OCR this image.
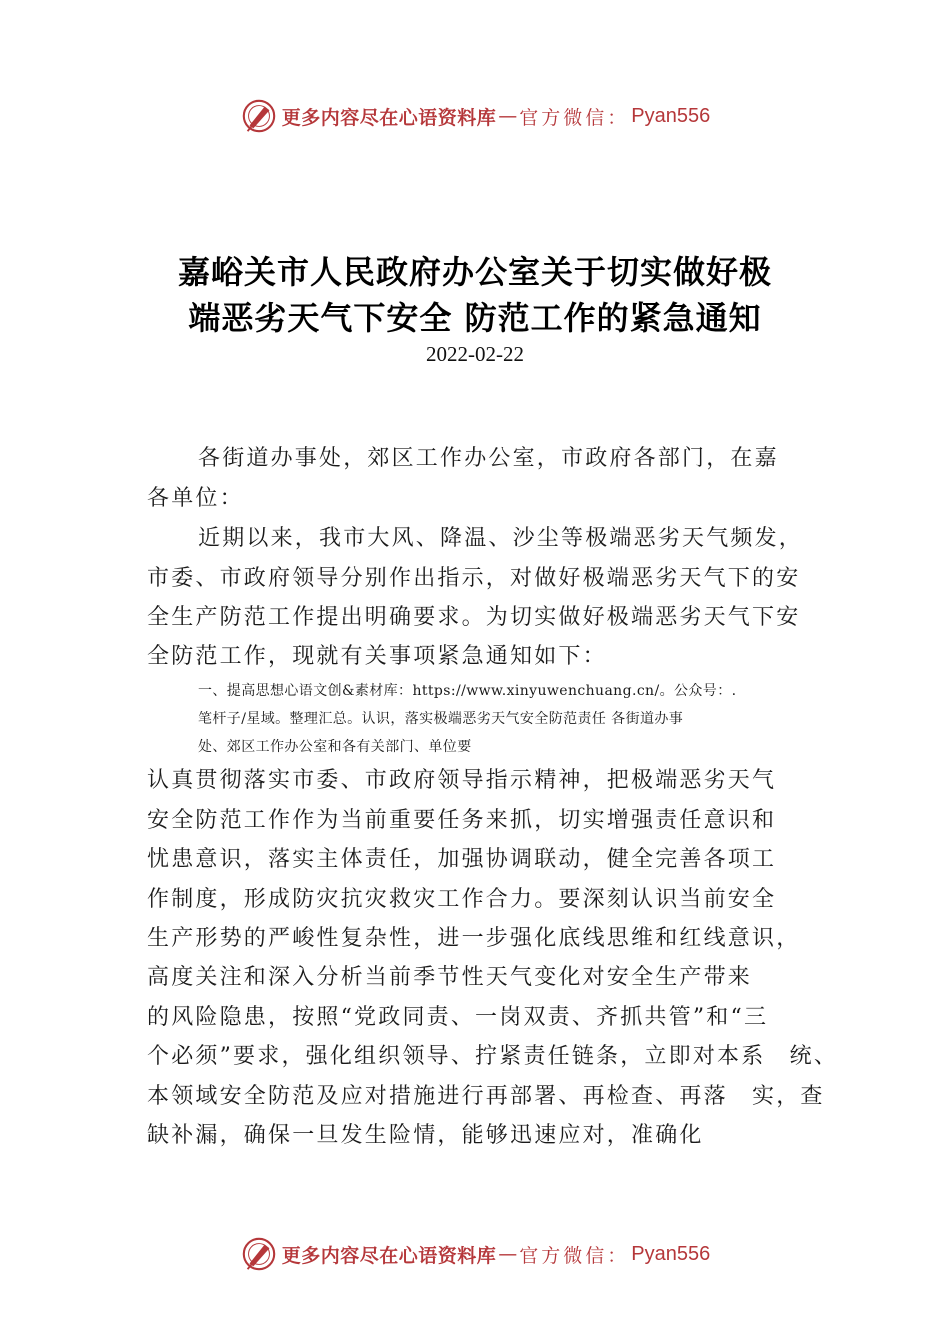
更多内容尽在心语资料库 — 官方微信： Pyan556
嘉峪关市人民政府办公室关于切实做好极
端恶劣天气下安全 防范工作的紧急通知
2022-02-22
各街道办事处，郊区工作办公室，市政府各部门，在嘉
各单位：
近期以来，我市大风、降温、沙尘等极端恶劣天气频发，
市委、市政府领导分别作出指示，对做好极端恶劣天气下的安
全生产防范工作提出明确要求。为切实做好极端恶劣天气下安
全防范工作，现就有关事项紧急通知如下：
一、提高思想心语文创&素材库：https://www.xinyuwenchuang.cn/。公众号：.
笔杆子/星域。整理汇总。认识，落实极端恶劣天气安全防范责任 各街道办事
处、郊区工作办公室和各有关部门、单位要
认真贯彻落实市委、市政府领导指示精神，把极端恶劣天气
安全防范工作作为当前重要任务来抓，切实增强责任意识和
忧患意识，落实主体责任，加强协调联动，健全完善各项工
作制度，形成防灾抗灾救灾工作合力。要深刻认识当前安全
生产形势的严峻性复杂性，进一步强化底线思维和红线意识，
高度关注和深入分析当前季节性天气变化对安全生产带来
的风险隐患，按照“党政同责、一岗双责、齐抓共管”和“三
个必须”要求，强化组织领导、拧紧责任链条，立即对本系　统、
本领域安全防范及应对措施进行再部署、再检查、再落　实，查
缺补漏，确保一旦发生险情，能够迅速应对，准确化
更多内容尽在心语资料库 — 官方微信： Pyan556
